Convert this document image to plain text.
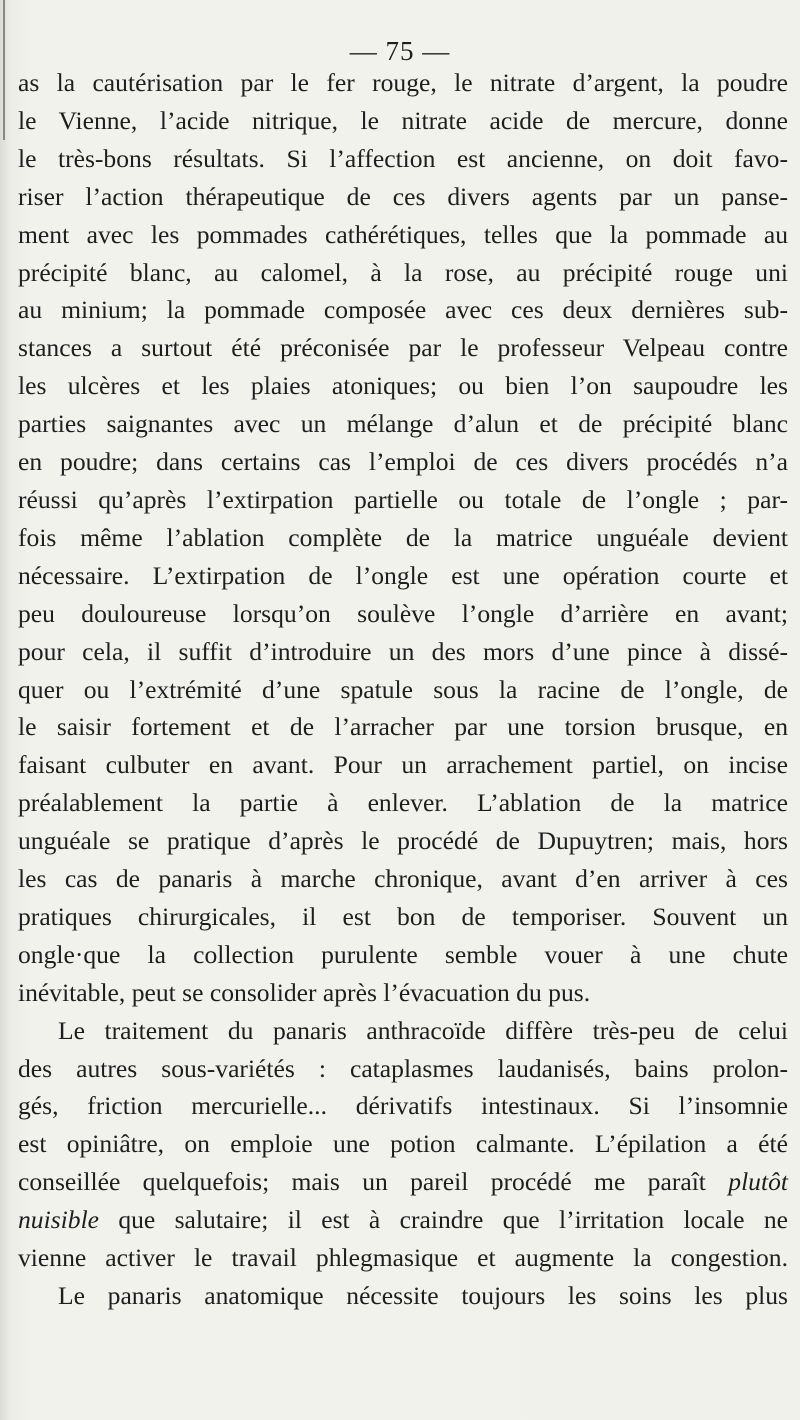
— 75 —
as la cautérisation par le fer rouge, le nitrate d’argent, la poudre
le Vienne, l’acide nitrique, le nitrate acide de mercure, donne
le très-bons résultats. Si l’affection est ancienne, on doit favo-
riser l’action thérapeutique de ces divers agents par un panse-
ment avec les pommades cathérétiques, telles que la pommade au
précipité blanc, au calomel, à la rose, au précipité rouge uni
au minium; la pommade composée avec ces deux dernières sub-
stances a surtout été préconisée par le professeur Velpeau contre
les ulcères et les plaies atoniques; ou bien l’on saupoudre les
parties saignantes avec un mélange d’alun et de précipité blanc
en poudre; dans certains cas l’emploi de ces divers procédés n’a
réussi qu’après l’extirpation partielle ou totale de l’ongle ; par-
fois même l’ablation complète de la matrice unguéale devient
nécessaire. L’extirpation de l’ongle est une opération courte et
peu douloureuse lorsqu’on soulève l’ongle d’arrière en avant;
pour cela, il suffit d’introduire un des mors d’une pince à dissé-
quer ou l’extrémité d’une spatule sous la racine de l’ongle, de
le saisir fortement et de l’arracher par une torsion brusque, en
faisant culbuter en avant. Pour un arrachement partiel, on incise
préalablement la partie à enlever. L’ablation de la matrice
unguéale se pratique d’après le procédé de Dupuytren; mais, hors
les cas de panaris à marche chronique, avant d’en arriver à ces
pratiques chirurgicales, il est bon de temporiser. Souvent un
ongle·que la collection purulente semble vouer à une chute
inévitable, peut se consolider après l’évacuation du pus.
Le traitement du panaris anthracoïde diffère très-peu de celui
des autres sous-variétés : cataplasmes laudanisés, bains prolon-
gés, friction mercurielle... dérivatifs intestinaux. Si l’insomnie
est opiniâtre, on emploie une potion calmante. L’épilation a été
conseillée quelquefois; mais un pareil procédé me paraît plutôt
nuisible que salutaire; il est à craindre que l’irritation locale ne
vienne activer le travail phlegmasique et augmente la congestion.
Le panaris anatomique nécessite toujours les soins les plus
